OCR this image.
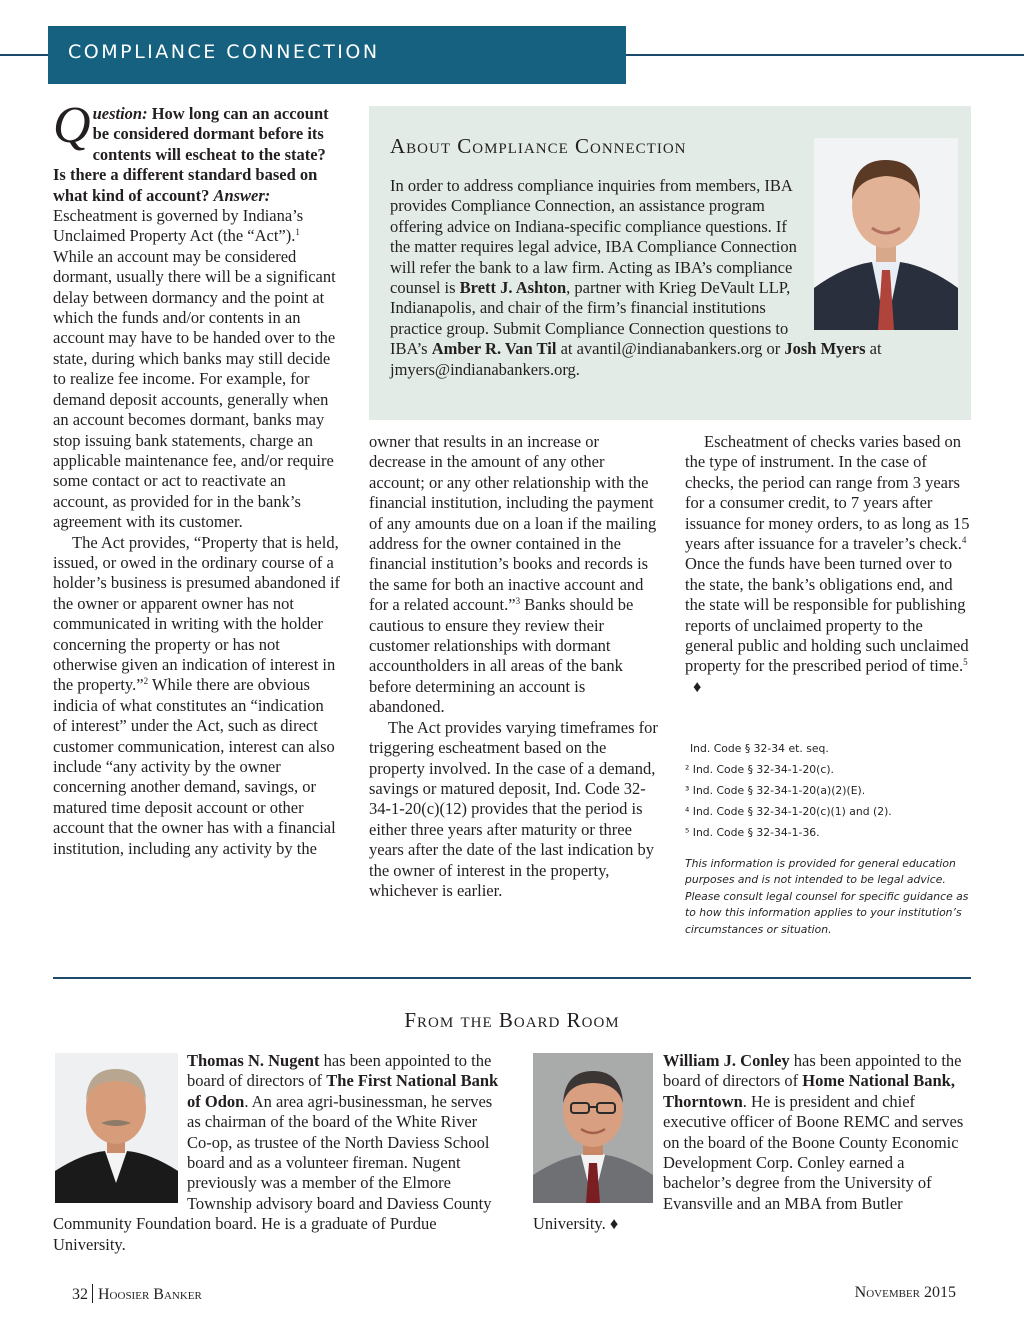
COMPLIANCE CONNECTION

Question: How long can an account be considered dormant before its contents will escheat to the state? Is there a different standard based on what kind of account? Answer: Escheatment is governed by Indiana’s Unclaimed Property Act (the “Act”).$^1$ While an account may be considered dormant, usually there will be a significant delay between dormancy and the point at which the funds and/or contents in an account may have to be handed over to the state, during which banks may still decide to realize fee income. For example, for demand deposit accounts, generally when an account becomes dormant, banks may stop issuing bank statements, charge an applicable maintenance fee, and/or require some contact or act to reactivate an account, as provided for in the bank’s agreement with its customer.

The Act provides, “Property that is held, issued, or owed in the ordinary course of a holder’s business is presumed abandoned if the owner or apparent owner has not communicated in writing with the holder concerning the property or has not otherwise given an indication of interest in the property.”$^2$ While there are obvious indicia of what constitutes an “indication of interest” under the Act, such as direct customer communication, interest can also include “any activity by the owner concerning another demand, savings, or matured time deposit account or other account that the owner has with a financial institution, including any activity by the

About Compliance Connection
In order to address compliance inquiries from members, IBA provides Compliance Connection, an assistance program offering advice on Indiana-specific compliance questions. If the matter requires legal advice, IBA Compliance Connection will refer the bank to a law firm. Acting as IBA’s compliance counsel is Brett J. Ashton, partner with Krieg DeVault LLP, Indianapolis, and chair of the firm’s financial institutions practice group. Submit Compliance Connection questions to IBA’s Amber R. Van Til at avantil@indianabankers.org or Josh Myers at jmyers@indianabankers.org.

owner that results in an increase or decrease in the amount of any other account; or any other relationship with the financial institution, including the payment of any amounts due on a loan if the mailing address for the owner contained in the financial institution’s books and records is the same for both an inactive account and for a related account.”$^3$ Banks should be cautious to ensure they review their customer relationships with dormant accountholders in all areas of the bank before determining an account is abandoned.

The Act provides varying timeframes for triggering escheatment based on the property involved. In the case of a demand, savings or matured deposit, Ind. Code 32-34-1-20(c)(12) provides that the period is either three years after maturity or three years after the date of the last indication by the owner of interest in the property, whichever is earlier.

Escheatment of checks varies based on the type of instrument. In the case of checks, the period can range from 3 years for a consumer credit, to 7 years after issuance for money orders, to as long as 15 years after issuance for a traveler’s check.$^4$ Once the funds have been turned over to the state, the bank’s obligations end, and the state will be responsible for publishing reports of unclaimed property to the general public and holding such unclaimed property for the prescribed period of time.$^5$ ♦

Ind. Code § 32-34 et. seq.
² Ind. Code § 32-34-1-20(c).
³ Ind. Code § 32-34-1-20(a)(2)(E).
⁴ Ind. Code § 32-34-1-20(c)(1) and (2).
⁵ Ind. Code § 32-34-1-36.
This information is provided for general education purposes and is not intended to be legal advice. Please consult legal counsel for specific guidance as to how this information applies to your institution’s circumstances or situation.
From the Board Room
Thomas N. Nugent has been appointed to the board of directors of The First National Bank of Odon. An area agri-businessman, he serves as chairman of the board of the White River Co-op, as trustee of the North Daviess School board and as a volunteer fireman. Nugent previously was a member of the Elmore Township advisory board and Daviess County Community Foundation board. He is a graduate of Purdue University.
William J. Conley has been appointed to the board of directors of Home National Bank, Thorntown. He is president and chief executive officer of Boone REMC and serves on the board of the Boone County Economic Development Corp. Conley earned a bachelor’s degree from the University of Evansville and an MBA from Butler University. ♦
32 Hoosier Banker	November 2015
